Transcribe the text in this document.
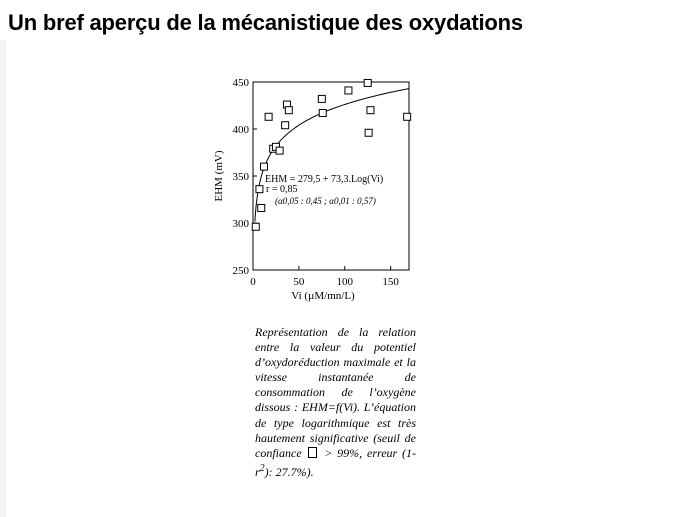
Un bref aperçu de la mécanistique des oxydations
0	50	100	150
250
300
350
400
450
EHM (mV)
Vi (µM/mn/L)
EHM = 279,5 + 73,3.Log(Vi)
r = 0,85
(α0,05 : 0,45 ; α0,01 : 0,57)

Représentation de la relation entre la valeur du potentiel d’oxydoréduction maximale et la vitesse instantanée de consommation de l’oxygène dissous : EHM=f(Vi). L’équation de type logarithmique est très hautement significative (seuil de confiance > 99%, erreur $(1-r^2)$: 27.7%).
